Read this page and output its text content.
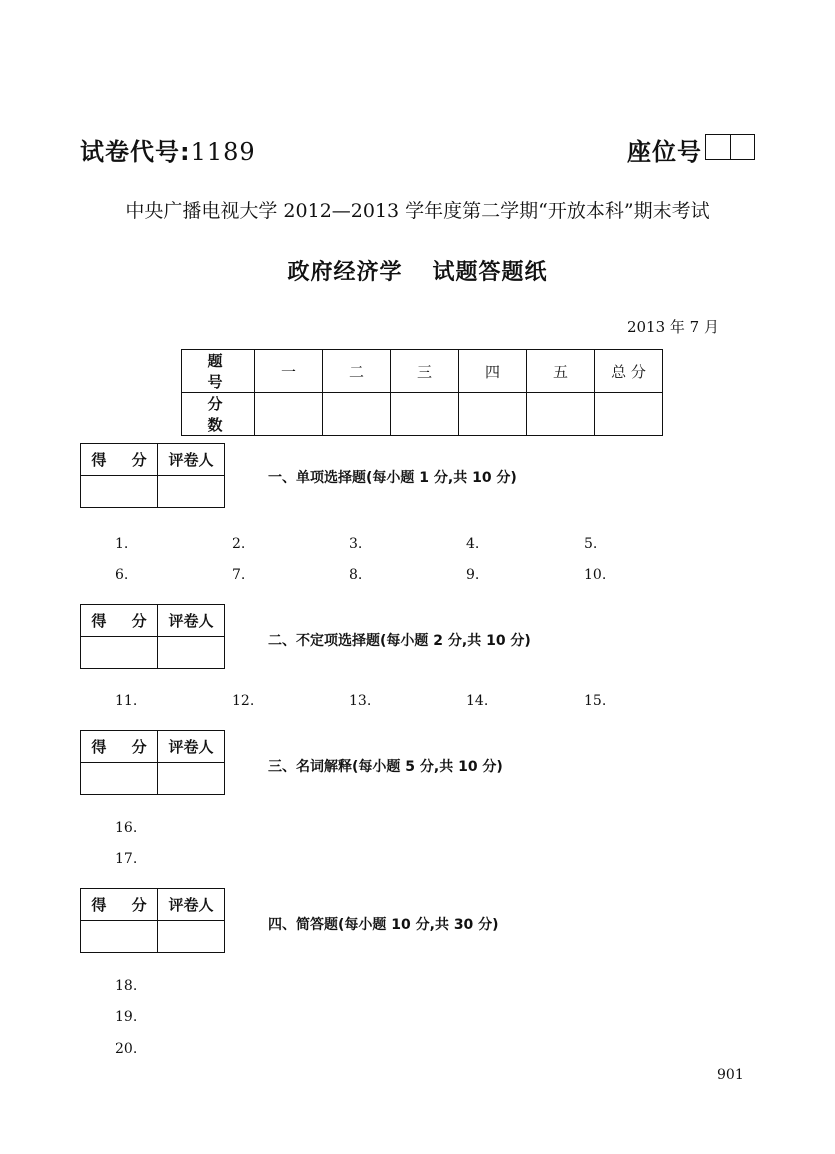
试卷代号:1189	座位号
中央广播电视大学 2012—2013 学年度第二学期“开放本科”期末考试
政府经济学 试题答题纸
2013 年 7 月
题 号	一	二	三	四	五	总 分
分 数						
得 分	评卷人

一、单项选择题(每小题 1 分,共 10 分)
1.	2.	3.	4.	5.
6.	7.	8.	9.	10.
得 分	评卷人

二、不定项选择题(每小题 2 分,共 10 分)
11.	12.	13.	14.	15.
得 分	评卷人

三、名词解释(每小题 5 分,共 10 分)
16.
17.
得 分	评卷人

四、简答题(每小题 10 分,共 30 分)
18.
19.
20.
901
